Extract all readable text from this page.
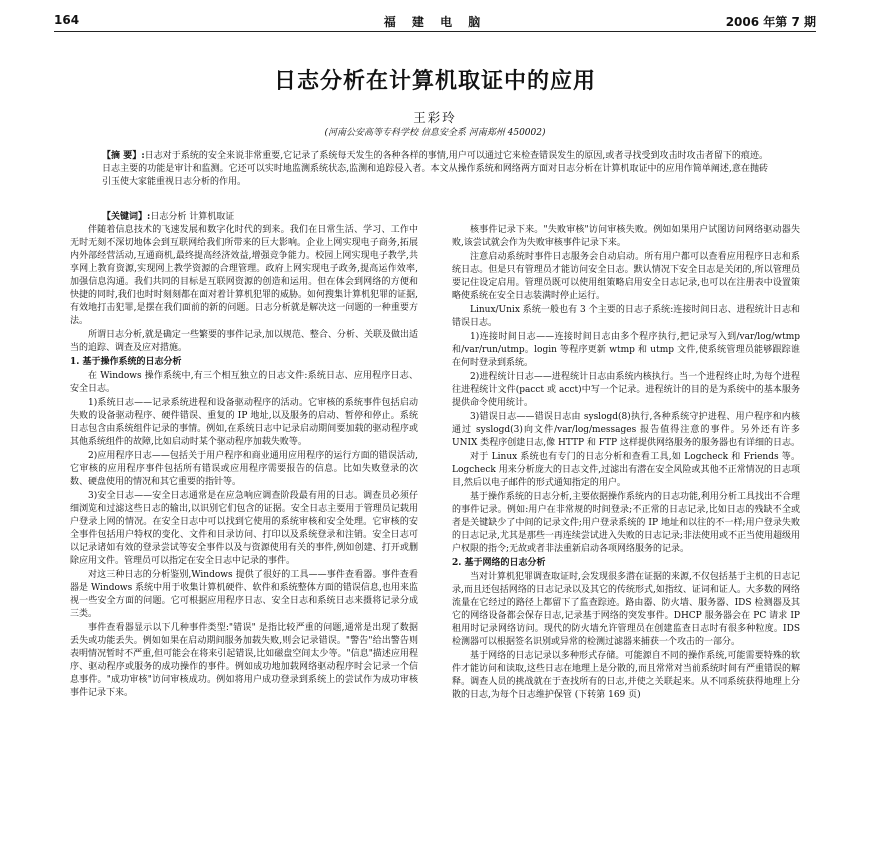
164	福 建 电 脑	2006 年第 7 期
日志分析在计算机取证中的应用
王彩玲
(河南公安高等专科学校 信息安全系 河南郑州 450002)
【摘 要】:日志对于系统的安全来说非常重要,它记录了系统每天发生的各种各样的事情,用户可以通过它来检查错误发生的原因,或者寻找受到攻击时攻击者留下的痕迹。日志主要的功能是审计和监测。它还可以实时地监测系统状态,监测和追踪侵入者。本文从操作系统和网络两方面对日志分析在计算机取证中的应用作简单阐述,意在抛砖引玉使大家能重视日志分析的作用。
【关键词】:日志分析 计算机取证

伴随着信息技术的飞速发展和数字化时代的到来。我们在日常生活、学习、工作中无时无刻不深切地体会到互联网给我们所带来的巨大影响。企业上网实现电子商务,拓展内外部经营活动,互通商机,最终提高经济效益,增强竞争能力。校园上网实现电子教学,共享网上教育资源,实现网上教学资源的合理管理。政府上网实现电子政务,提高运作效率,加强信息沟通。我们共同的目标是互联网资源的创造和运用。但在体会到网络的方便和快捷的同时,我们也时时刻刻都在面对着计算机犯罪的威胁。如何搜集计算机犯罪的证据,有效地打击犯罪,是摆在我们面前的新的问题。日志分析就是解决这一问题的一种重要方法。

所谓日志分析,就是确定一些繁要的事件记录,加以规范、整合、分析、关联及做出适当的追踪、调查及应对措施。

1. 基于操作系统的日志分析

在 Windows 操作系统中,有三个相互独立的日志文件:系统日志、应用程序日志、安全日志。

1)系统日志——记录系统进程和设备驱动程序的活动。它审核的系统事件包括启动失败的设备驱动程序、硬件错误、重复的 IP 地址,以及服务的启动、暂停和停止。系统日志包含由系统组件记录的事情。例如,在系统日志中记录启动期间要加载的驱动程序或其他系统组件的故障,比如启动时某个驱动程序加载失败等。

2)应用程序日志——包括关于用户程序和商业通用应用程序的运行方面的错误活动,它审核的应用程序事件包括所有错误或应用程序需要报告的信息。比如失败登录的次数、硬盘使用的情况和其它重要的指针等。

3)安全日志——安全日志通常是在应急响应调查阶段最有用的日志。调查员必须仔细浏览和过滤这些日志的输出,以识别它们包含的证据。安全日志主要用于管理员记载用户登录上网的情况。在安全日志中可以找到它使用的系统审核和安全处理。它审核的安全事件包括用户特权的变化、文件和目录访问、打印以及系统登录和注销。安全日志可以记录诸如有效的登录尝试等安全事件以及与资源使用有关的事件,例如创建、打开或删除应用文件。管理员可以指定在安全日志中记录的事件。

对这三种日志的分析鉴别,Windows 提供了很好的工具——事件查看器。事件查看器是 Windows 系统中用于收集计算机硬件、软件和系统整体方面的错误信息,也用来监视一些安全方面的问题。它可根据应用程序日志、安全日志和系统日志来摄将记录分成三类。

事件查看器显示以下几种事件类型:"错误" 是指比较严重的问题,通常是出现了数据丢失或功能丢失。例如如果在启动期间服务加载失败,则会记录错误。"警告"给出警告则表明情况暂时不严重,但可能会在将来引起错误,比如磁盘空间太少等。"信息"描述应用程序、驱动程序或服务的成功操作的事件。例如成功地加载网络驱动程序时会记录一个信息事件。"成功审核"访问审核成功。例如将用户成功登录到系统上的尝试作为成功审核事件记录下来。

核事件记录下来。"失败审核"访问审核失败。例如如果用户试图访问网络驱动器失败,该尝试就会作为失败审核事件记录下来。

注意启动系统时事件日志服务会自动启动。所有用户都可以查看应用程序日志和系统日志。但是只有管理员才能访问安全日志。默认情况下安全日志是关闭的,所以管理员要记住设定启用。管理员既可以使用组策略启用安全日志记录,也可以在注册表中设置策略使系统在安全日志装满时停止运行。

Linux/Unix 系统一般也有 3 个主要的日志子系统:连接时间日志、进程统计日志和错误日志。

1)连接时间日志——连接时间日志由多个程序执行,把记录写入到/var/log/wtmp 和/var/run/utmp。login 等程序更新 wtmp 和 utmp 文件,使系统管理员能够跟踪谁在何时登录到系统。

2)进程统计日志——进程统计日志由系统内核执行。当一个进程终止时,为每个进程往进程统计文件(pacct 或 acct)中写一个记录。进程统计的目的是为系统中的基本服务提供命令使用统计。

3)错误日志——错误日志由 syslogd(8)执行,各种系统守护进程、用户程序和内核通过 syslogd(3)向文件/var/log/messages 报告值得注意的事件。另外还有许多 UNIX 类程序创建日志,像 HTTP 和 FTP 这样提供网络服务的服务器也有详细的日志。

对于 Linux 系统也有专门的日志分析和查看工具,如 Logcheck 和 Friends 等。Logcheck 用来分析庞大的日志文件,过滤出有潜在安全风险或其他不正常情况的日志项目,然后以电子邮件的形式通知指定的用户。

基于操作系统的日志分析,主要依据操作系统内的日志功能,利用分析工具找出不合理的事件记录。例如:用户在非常规的时间登录;不正常的日志记录,比如日志的残缺不全或者是关键缺少了中间的记录文件;用户登录系统的 IP 地址和以往的不一样;用户登录失败的日志记录,尤其是那些一再连续尝试进入失败的日志记录;非法使用或不正当使用超级用户权限的指令;无故或者非法重新启动各项网络服务的记录。

2. 基于网络的日志分析

当对计算机犯罪调查取证时,会发现很多潜在证据的来源,不仅包括基于主机的日志记录,而且还包括网络的日志记录以及其它的传统形式,如指纹、证词和证人。大多数的网络流量在它经过的路径上都留下了监查踪迹。路由器、防火墙、服务器、IDS 检测器及其它的网络设备都会保存日志,记录基于网络的突发事件。DHCP 服务器会在 PC 请求 IP 租用时记录网络访问。现代的防火墙允许管理员在创建监查日志时有很多种粒度。IDS 检测器可以根据签名识别或异常的检测过滤器来捕获一个攻击的一部分。

基于网络的日志记录以多种形式存储。可能源自不同的操作系统,可能需要特殊的软件才能访问和读取,这些日志在地理上是分散的,而且常常对当前系统时间有严重错误的解释。调查人员的挑战就在于查找所有的日志,并使之关联起来。从不同系统获得地理上分散的日志,为每个日志维护保管 (下转第 169 页)
